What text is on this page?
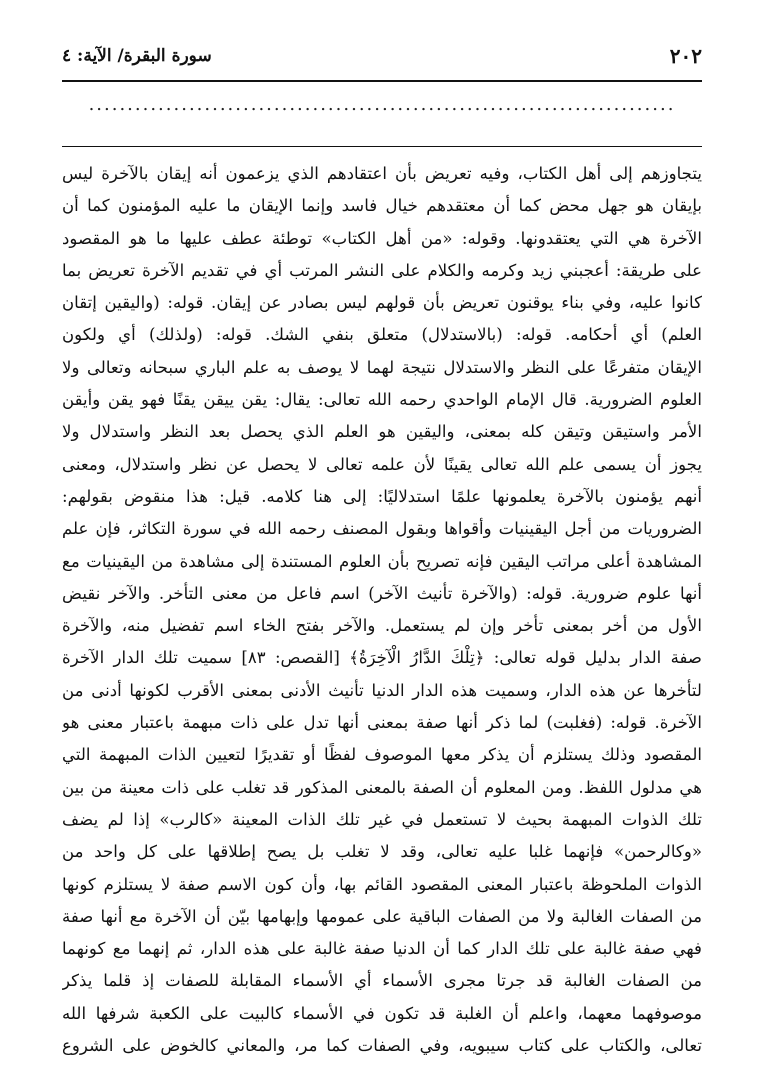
٢٠٢
سورة البقرة/ الآية: ٤
............................................................................
يتجاوزهم إلى أهل الكتاب، وفيه تعريض بأن اعتقادهم الذي يزعمون أنه إيقان بالآخرة ليس
بإيقان هو جهل محض كما أن معتقدهم خيال فاسد وإنما الإيقان ما عليه المؤمنون كما أن
الآخرة هي التي يعتقدونها. وقوله: «من أهل الكتاب» توطئة عطف عليها ما هو المقصود
على طريقة: أعجبني زيد وكرمه والكلام على النشر المرتب أي في تقديم الآخرة تعريض بما
كانوا عليه، وفي بناء يوقنون تعريض بأن قولهم ليس بصادر عن إيقان. قوله: (واليقين إتقان
العلم) أي أحكامه. قوله: (بالاستدلال) متعلق بنفي الشك. قوله: (ولذلك) أي ولكون
الإيقان متفرعًا على النظر والاستدلال نتيجة لهما لا يوصف به علم الباري سبحانه وتعالى ولا
العلوم الضرورية. قال الإمام الواحدي رحمه الله تعالى: يقال: يقن ييقن يقنًا فهو يقن وأيقن
الأمر واستيقن وتيقن كله بمعنى، واليقين هو العلم الذي يحصل بعد النظر واستدلال ولا
يجوز أن يسمى علم الله تعالى يقينًا لأن علمه تعالى لا يحصل عن نظر واستدلال، ومعنى
أنهم يؤمنون بالآخرة يعلمونها علمًا استدلاليًا: إلى هنا كلامه. قيل: هذا منقوض بقولهم:
الضروريات من أجل اليقينيات وأقواها وبقول المصنف رحمه الله في سورة التكاثر، فإن علم
المشاهدة أعلى مراتب اليقين فإنه تصريح بأن العلوم المستندة إلى مشاهدة من اليقينيات مع
أنها علوم ضرورية. قوله: (والآخرة تأنيث الآخر) اسم فاعل من معنى التأخر. والآخر نقيض
الأول من أخر بمعنى تأخر وإن لم يستعمل. والآخر بفتح الخاء اسم تفضيل منه، والآخرة
صفة الدار بدليل قوله تعالى: ﴿تِلْكَ الدَّارُ الْآخِرَةُ﴾ [القصص: ٨٣] سميت تلك الدار الآخرة
لتأخرها عن هذه الدار، وسميت هذه الدار الدنيا تأنيث الأدنى بمعنى الأقرب لكونها أدنى من
الآخرة. قوله: (فغلبت) لما ذكر أنها صفة بمعنى أنها تدل على ذات مبهمة باعتبار معنى هو
المقصود وذلك يستلزم أن يذكر معها الموصوف لفظًا أو تقديرًا لتعيين الذات المبهمة التي
هي مدلول اللفظ. ومن المعلوم أن الصفة بالمعنى المذكور قد تغلب على ذات معينة من بين
تلك الذوات المبهمة بحيث لا تستعمل في غير تلك الذات المعينة «كالرب» إذا لم يضف
«وكالرحمن» فإنهما غلبا عليه تعالى، وقد لا تغلب بل يصح إطلاقها على كل واحد من
الذوات الملحوظة باعتبار المعنى المقصود القائم بها، وأن كون الاسم صفة لا يستلزم كونها
من الصفات الغالبة ولا من الصفات الباقية على عمومها وإبهامها بيّن أن الآخرة مع أنها صفة
فهي صفة غالبة على تلك الدار كما أن الدنيا صفة غالبة على هذه الدار، ثم إنهما مع كونهما
من الصفات الغالبة قد جرتا مجرى الأسماء أي الأسماء المقابلة للصفات إذ قلما يذكر
موصوفهما معهما، واعلم أن الغلبة قد تكون في الأسماء كالبيت على الكعبة شرفها الله
تعالى، والكتاب على كتاب سيبويه، وفي الصفات كما مر، والمعاني كالخوض على الشروع
